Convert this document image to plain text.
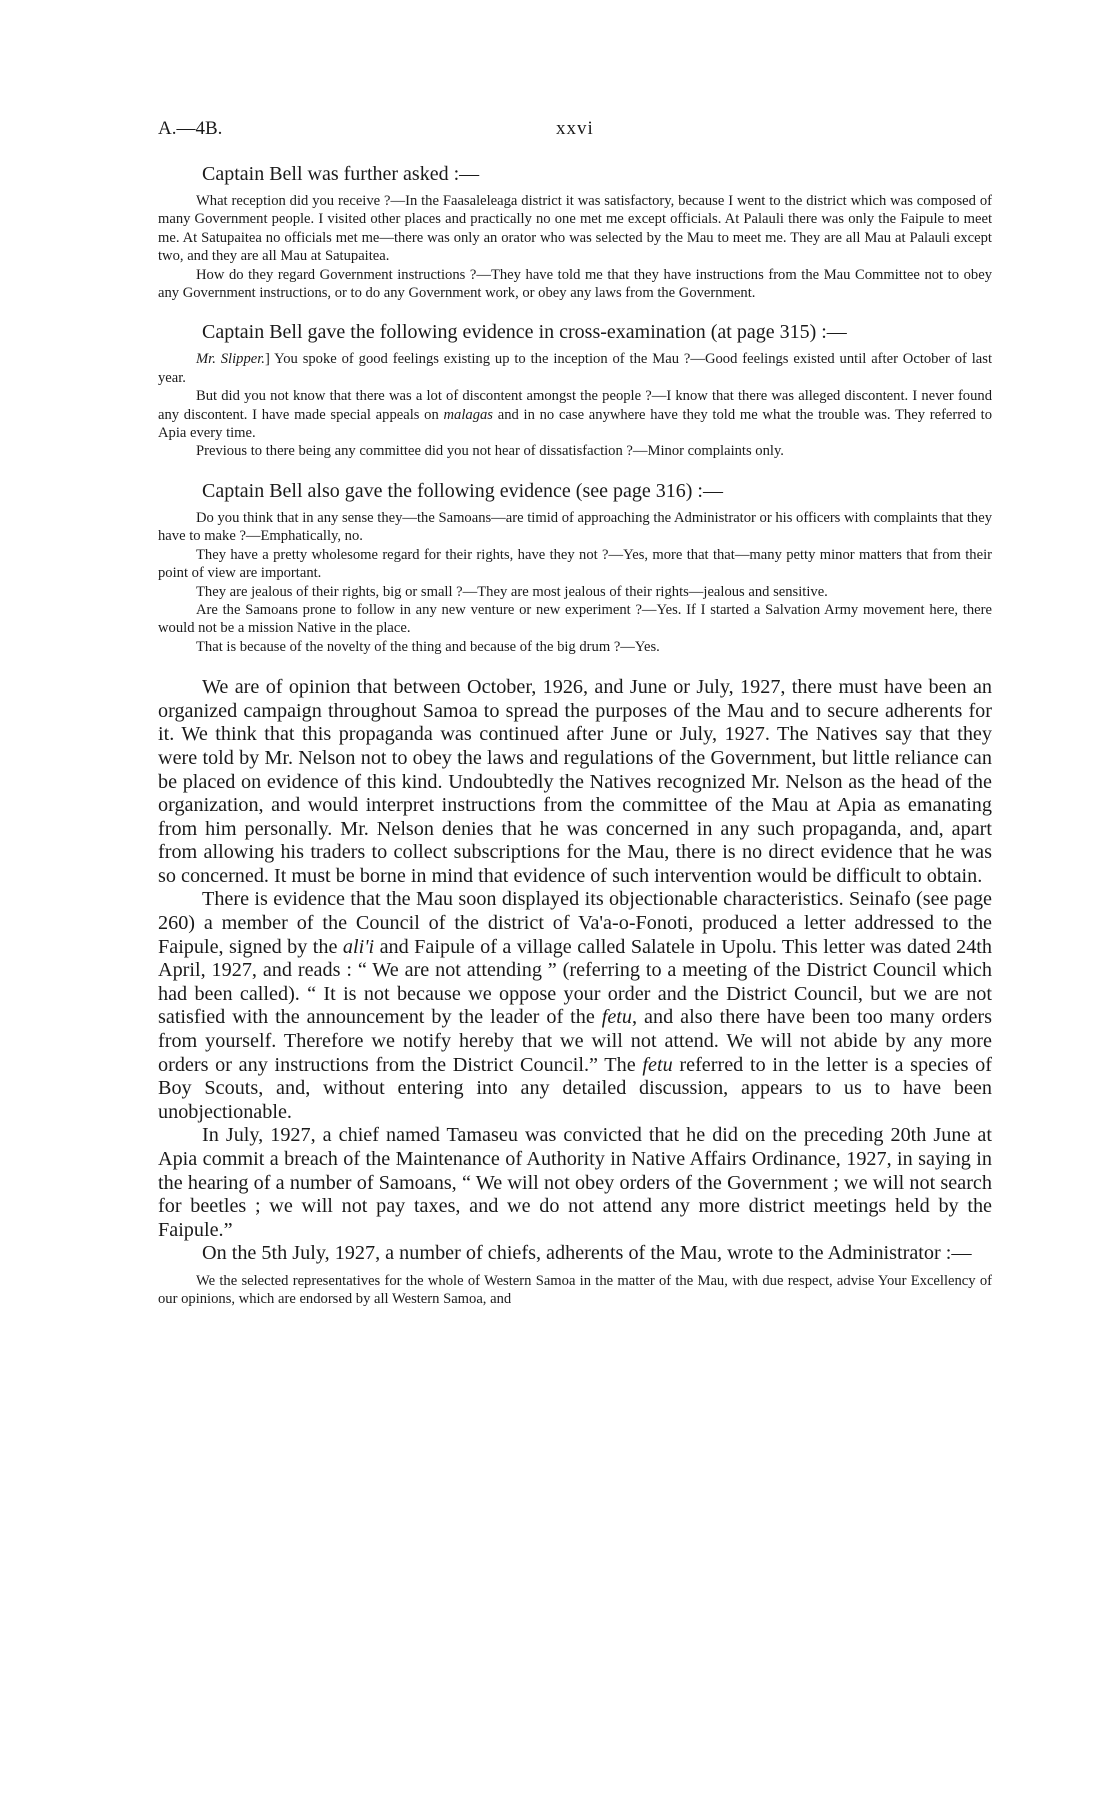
A.—4B.	xxvi
Captain Bell was further asked :—

What reception did you receive ?—In the Faasaleleaga district it was satisfactory, because I went to the district which was composed of many Government people. I visited other places and practically no one met me except officials. At Palauli there was only the Faipule to meet me. At Satupaitea no officials met me—there was only an orator who was selected by the Mau to meet me. They are all Mau at Palauli except two, and they are all Mau at Satupaitea.

How do they regard Government instructions ?—They have told me that they have instructions from the Mau Committee not to obey any Government instructions, or to do any Government work, or obey any laws from the Government.

Captain Bell gave the following evidence in cross-examination (at page 315) :—

Mr. Slipper.] You spoke of good feelings existing up to the inception of the Mau ?—Good feelings existed until after October of last year.

But did you not know that there was a lot of discontent amongst the people ?—I know that there was alleged discontent. I never found any discontent. I have made special appeals on malagas and in no case anywhere have they told me what the trouble was. They referred to Apia every time.

Previous to there being any committee did you not hear of dissatisfaction ?—Minor complaints only.

Captain Bell also gave the following evidence (see page 316) :—

Do you think that in any sense they—the Samoans—are timid of approaching the Administrator or his officers with complaints that they have to make ?—Emphatically, no.

They have a pretty wholesome regard for their rights, have they not ?—Yes, more that that—many petty minor matters that from their point of view are important.

They are jealous of their rights, big or small ?—They are most jealous of their rights—jealous and sensitive.

Are the Samoans prone to follow in any new venture or new experiment ?—Yes. If I started a Salvation Army movement here, there would not be a mission Native in the place.

That is because of the novelty of the thing and because of the big drum ?—Yes.

We are of opinion that between October, 1926, and June or July, 1927, there must have been an organized campaign throughout Samoa to spread the purposes of the Mau and to secure adherents for it. We think that this propaganda was continued after June or July, 1927. The Natives say that they were told by Mr. Nelson not to obey the laws and regulations of the Government, but little reliance can be placed on evidence of this kind. Undoubtedly the Natives recognized Mr. Nelson as the head of the organization, and would interpret instructions from the committee of the Mau at Apia as emanating from him personally. Mr. Nelson denies that he was concerned in any such propaganda, and, apart from allowing his traders to collect subscriptions for the Mau, there is no direct evidence that he was so concerned. It must be borne in mind that evidence of such intervention would be difficult to obtain.

There is evidence that the Mau soon displayed its objectionable characteristics. Seinafo (see page 260) a member of the Council of the district of Va'a-o-Fonoti, produced a letter addressed to the Faipule, signed by the ali'i and Faipule of a village called Salatele in Upolu. This letter was dated 24th April, 1927, and reads : “ We are not attending ” (referring to a meeting of the District Council which had been called). “ It is not because we oppose your order and the District Council, but we are not satisfied with the announcement by the leader of the fetu, and also there have been too many orders from yourself. Therefore we notify hereby that we will not attend. We will not abide by any more orders or any instructions from the District Council.” The fetu referred to in the letter is a species of Boy Scouts, and, without entering into any detailed discussion, appears to us to have been unobjectionable.

In July, 1927, a chief named Tamaseu was convicted that he did on the preceding 20th June at Apia commit a breach of the Maintenance of Authority in Native Affairs Ordinance, 1927, in saying in the hearing of a number of Samoans, “ We will not obey orders of the Government ; we will not search for beetles ; we will not pay taxes, and we do not attend any more district meetings held by the Faipule.”

On the 5th July, 1927, a number of chiefs, adherents of the Mau, wrote to the Administrator :—

We the selected representatives for the whole of Western Samoa in the matter of the Mau, with due respect, advise Your Excellency of our opinions, which are endorsed by all Western Samoa, and
